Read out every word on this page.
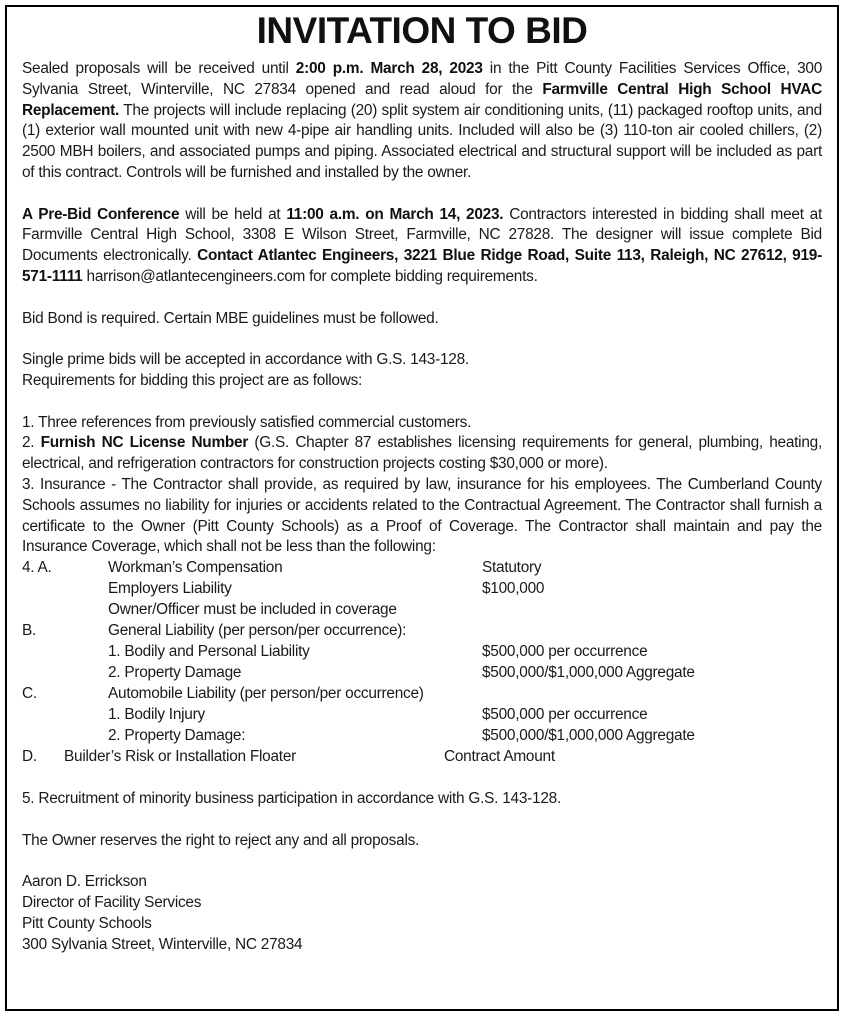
INVITATION TO BID

Sealed proposals will be received until 2:00 p.m. March 28, 2023 in the Pitt County Facilities Services Office, 300 Sylvania Street, Winterville, NC 27834 opened and read aloud for the Farmville Central High School HVAC Replacement. The projects will include replacing (20) split system air conditioning units, (11) packaged rooftop units, and (1) exterior wall mounted unit with new 4-pipe air handling units. Included will also be (3) 110-ton air cooled chillers, (2) 2500 MBH boilers, and associated pumps and piping. Associated electrical and structural support will be included as part of this contract. Controls will be furnished and installed by the owner.

A Pre-Bid Conference will be held at 11:00 a.m. on March 14, 2023. Contractors interested in bidding shall meet at Farmville Central High School, 3308 E Wilson Street, Farmville, NC 27828. The designer will issue complete Bid Documents electronically. Contact Atlantec Engineers, 3221 Blue Ridge Road, Suite 113, Raleigh, NC 27612, 919-571-1111 harrison@atlantecengineers.com for complete bidding requirements.

Bid Bond is required. Certain MBE guidelines must be followed.

Single prime bids will be accepted in accordance with G.S. 143-128.

Requirements for bidding this project are as follows:

1. Three references from previously satisfied commercial customers.

2. Furnish NC License Number (G.S. Chapter 87 establishes licensing requirements for general, plumbing, heating, electrical, and refrigeration contractors for construction projects costing $30,000 or more).

3. Insurance - The Contractor shall provide, as required by law, insurance for his employees. The Cumberland County Schools assumes no liability for injuries or accidents related to the Contractual Agreement. The Contractor shall furnish a certificate to the Owner (Pitt County Schools) as a Proof of Coverage. The Contractor shall maintain and pay the Insurance Coverage, which shall not be less than the following:

4. A.	Workman’s Compensation	Statutory
	Employers Liability	$100,000
	Owner/Officer must be included in coverage	
B.	General Liability (per person/per occurrence):	
	1. Bodily and Personal Liability	$500,000 per occurrence
	2. Property Damage	$500,000/$1,000,000 Aggregate
C.	Automobile Liability (per person/per occurrence)	
	1. Bodily Injury	$500,000 per occurrence
	2. Property Damage:	$500,000/$1,000,000 Aggregate
D.	Builder’s Risk or Installation Floater	Contract Amount

5. Recruitment of minority business participation in accordance with G.S. 143-128.

The Owner reserves the right to reject any and all proposals.

Aaron D. Errickson

Director of Facility Services

Pitt County Schools

300 Sylvania Street, Winterville, NC 27834
